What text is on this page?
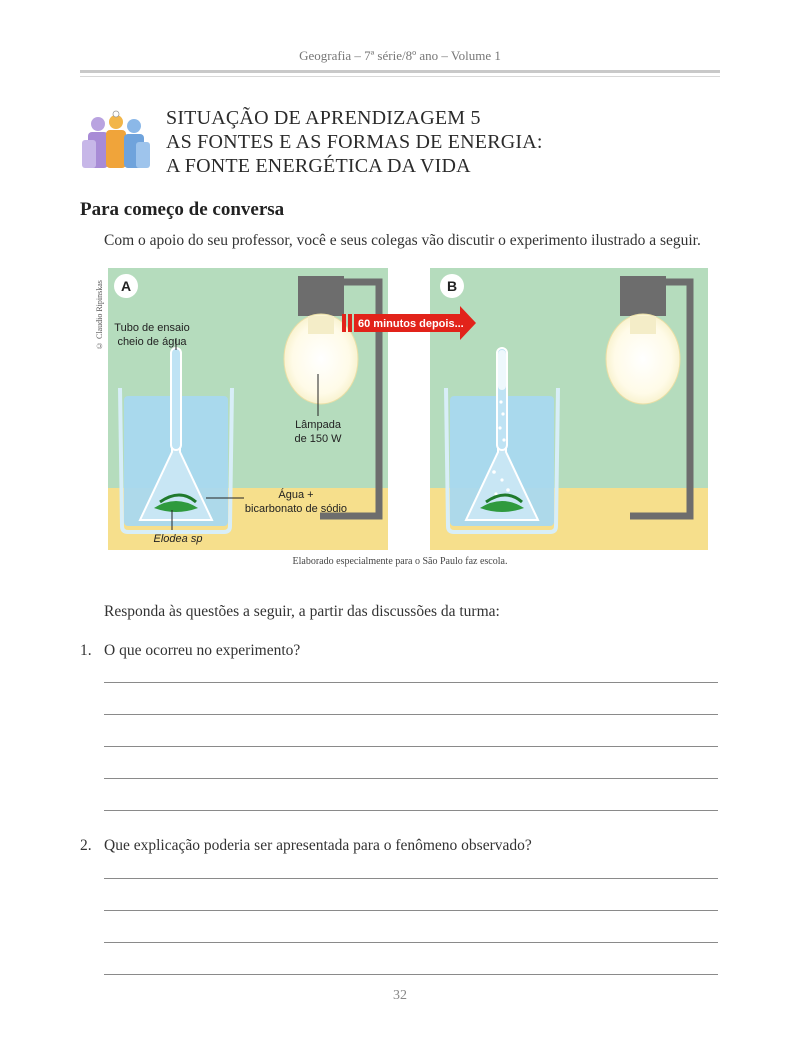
Geografia – 7ª série/8º ano – Volume 1
SITUAÇÃO DE APRENDIZAGEM 5
AS FONTES E AS FORMAS DE ENERGIA:
A FONTE ENERGÉTICA DA VIDA
Para começo de conversa
Com o apoio do seu professor, você e seus colegas vão discutir o experimento ilustrado a seguir.
© Claudio Ripinskas	A
Tubo de ensaio
cheio de água
Lâmpada
de 150 W
Água +
bicarbonato de sódio
Elodea sp
B
60 minutos depois...
Elaborado especialmente para o São Paulo faz escola.
Responda às questões a seguir, a partir das discussões da turma:
1. O que ocorreu no experimento?
2. Que explicação poderia ser apresentada para o fenômeno observado?
32
